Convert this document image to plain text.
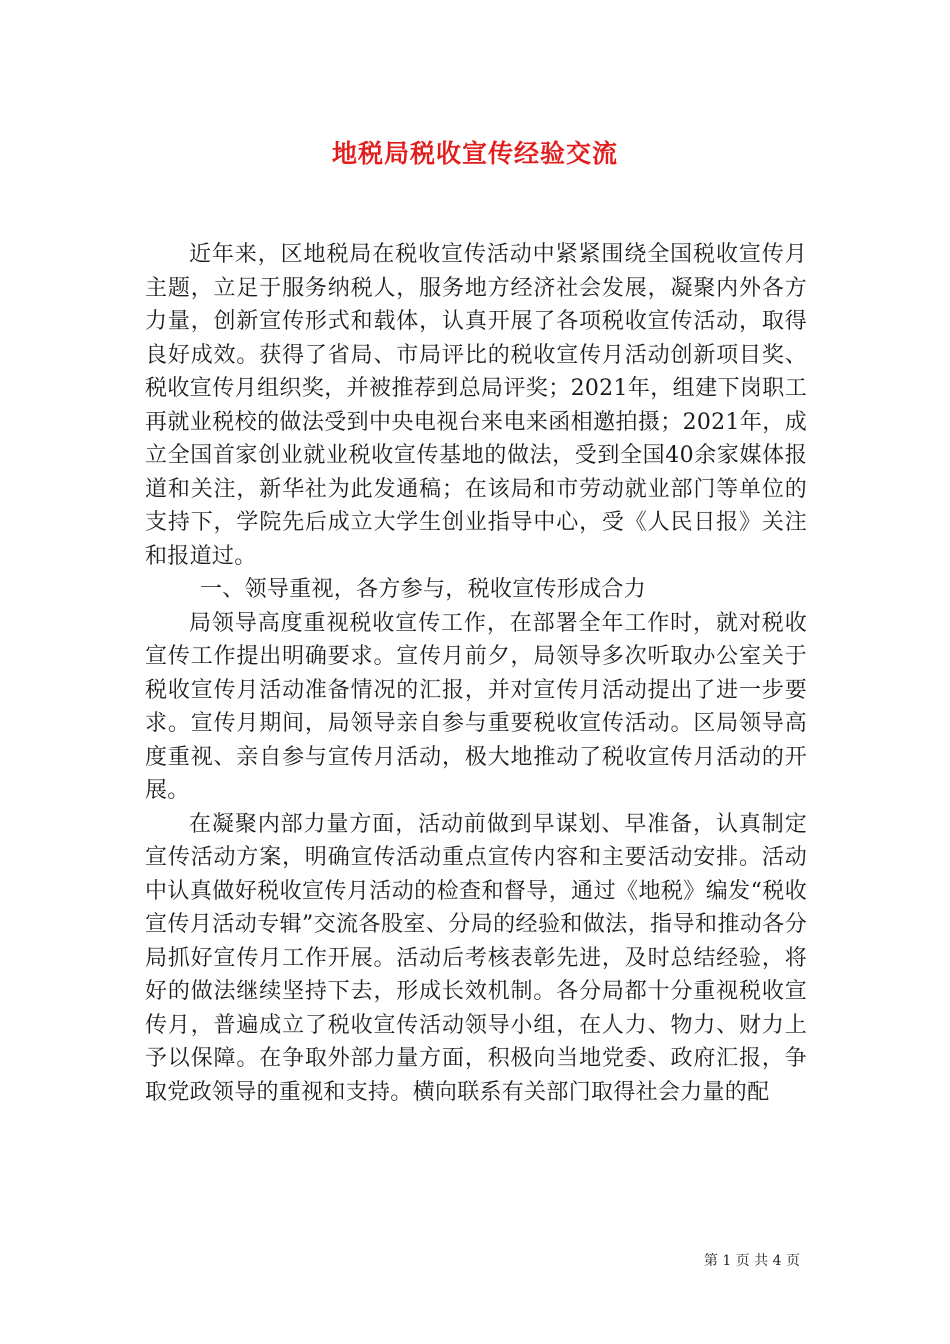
地税局税收宣传经验交流

近年来，区地税局在税收宣传活动中紧紧围绕全国税收宣传月主题，立足于服务纳税人，服务地方经济社会发展，凝聚内外各方力量，创新宣传形式和载体，认真开展了各项税收宣传活动，取得良好成效。获得了省局、市局评比的税收宣传月活动创新项目奖、税收宣传月组织奖，并被推荐到总局评奖；2021年，组建下岗职工再就业税校的做法受到中央电视台来电来函相邀拍摄；2021年，成立全国首家创业就业税收宣传基地的做法，受到全国40余家媒体报道和关注，新华社为此发通稿；在该局和市劳动就业部门等单位的支持下，学院先后成立大学生创业指导中心，受《人民日报》关注和报道过。

一、领导重视，各方参与，税收宣传形成合力

局领导高度重视税收宣传工作，在部署全年工作时，就对税收宣传工作提出明确要求。宣传月前夕，局领导多次听取办公室关于税收宣传月活动准备情况的汇报，并对宣传月活动提出了进一步要求。宣传月期间，局领导亲自参与重要税收宣传活动。区局领导高度重视、亲自参与宣传月活动，极大地推动了税收宣传月活动的开展。

在凝聚内部力量方面，活动前做到早谋划、早准备，认真制定宣传活动方案，明确宣传活动重点宣传内容和主要活动安排。活动中认真做好税收宣传月活动的检查和督导，通过《地税》编发“税收宣传月活动专辑”交流各股室、分局的经验和做法，指导和推动各分局抓好宣传月工作开展。活动后考核表彰先进，及时总结经验，将好的做法继续坚持下去，形成长效机制。各分局都十分重视税收宣传月，普遍成立了税收宣传活动领导小组，在人力、物力、财力上予以保障。在争取外部力量方面，积极向当地党委、政府汇报，争取党政领导的重视和支持。横向联系有关部门取得社会力量的配

第 1 页 共 4 页
